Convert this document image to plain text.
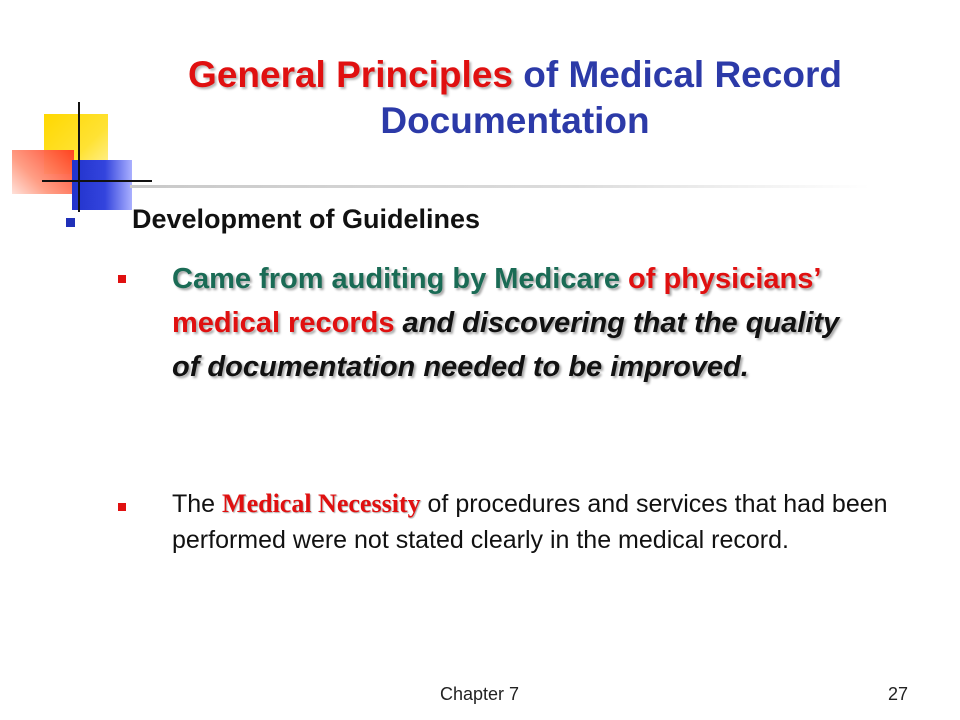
General Principles of Medical Record Documentation
Development of Guidelines
Came from auditing by Medicare of physicians’ medical records and discovering that the quality of documentation needed to be improved.
The Medical Necessity of procedures and services that had been performed were not stated clearly in the medical record.
Chapter 7	27
